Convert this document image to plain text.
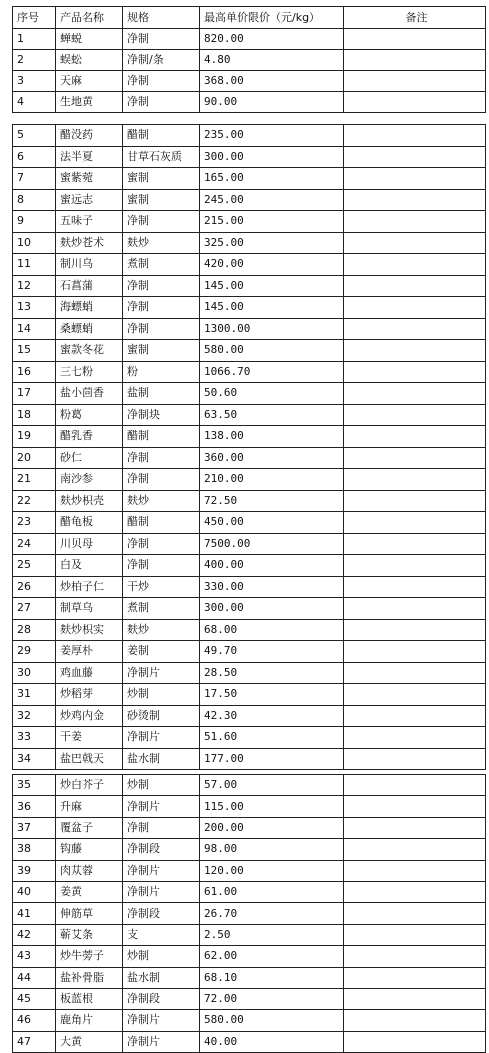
序号	产品名称	规格	最高单价限价（元/kg）	备注
1	蝉蜕	净制	820.00	
2	蜈蚣	净制/条	4.80	
3	天麻	净制	368.00	
4	生地黄	净制	90.00	
5	醋没药	醋制	235.00	
6	法半夏	甘草石灰质	300.00	
7	蜜紫菀	蜜制	165.00	
8	蜜远志	蜜制	245.00	
9	五味子	净制	215.00	
10	麸炒苍术	麸炒	325.00	
11	制川乌	煮制	420.00	
12	石菖蒲	净制	145.00	
13	海螵蛸	净制	145.00	
14	桑螵蛸	净制	1300.00	
15	蜜款冬花	蜜制	580.00	
16	三七粉	粉	1066.70	
17	盐小茴香	盐制	50.60	
18	粉葛	净制块	63.50	
19	醋乳香	醋制	138.00	
20	砂仁	净制	360.00	
21	南沙参	净制	210.00	
22	麸炒枳壳	麸炒	72.50	
23	醋龟板	醋制	450.00	
24	川贝母	净制	7500.00	
25	白及	净制	400.00	
26	炒柏子仁	干炒	330.00	
27	制草乌	煮制	300.00	
28	麸炒枳实	麸炒	68.00	
29	姜厚朴	姜制	49.70	
30	鸡血藤	净制片	28.50	
31	炒稻芽	炒制	17.50	
32	炒鸡内金	砂烫制	42.30	
33	干姜	净制片	51.60	
34	盐巴戟天	盐水制	177.00	
35	炒白芥子	炒制	57.00	
36	升麻	净制片	115.00	
37	覆盆子	净制	200.00	
38	钩藤	净制段	98.00	
39	肉苁蓉	净制片	120.00	
40	姜黄	净制片	61.00	
41	伸筋草	净制段	26.70	
42	蕲艾条	支	2.50	
43	炒牛蒡子	炒制	62.00	
44	盐补骨脂	盐水制	68.10	
45	板蓝根	净制段	72.00	
46	鹿角片	净制片	580.00	
47	大黄	净制片	40.00	
